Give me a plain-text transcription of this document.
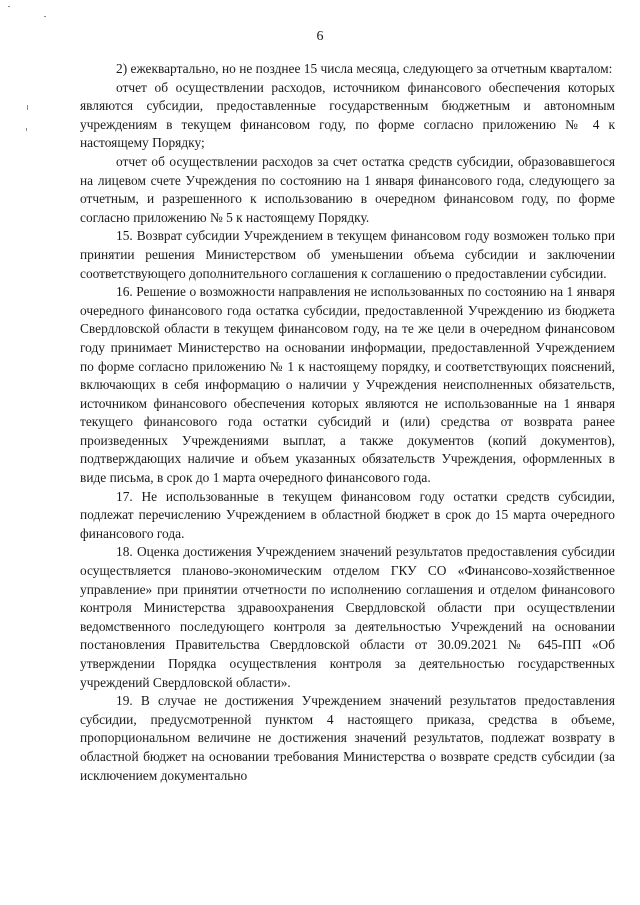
6

2) ежеквартально, но не позднее 15 числа месяца, следующего за отчетным кварталом:

отчет об осуществлении расходов, источником финансового обеспечения которых являются субсидии, предоставленные государственным бюджетным и автономным учреждениям в текущем финансовом году, по форме согласно приложению № 4 к настоящему Порядку;

отчет об осуществлении расходов за счет остатка средств субсидии, образовавшегося на лицевом счете Учреждения по состоянию на 1 января финансового года, следующего за отчетным, и разрешенного к использованию в очередном финансовом году, по форме согласно приложению № 5 к настоящему Порядку.

15. Возврат субсидии Учреждением в текущем финансовом году возможен только при принятии решения Министерством об уменьшении объема субсидии и заключении соответствующего дополнительного соглашения к соглашению о предоставлении субсидии.

16. Решение о возможности направления не использованных по состоянию на 1 января очередного финансового года остатка субсидии, предоставленной Учреждению из бюджета Свердловской области в текущем финансовом году, на те же цели в очередном финансовом году принимает Министерство на основании информации, предоставленной Учреждением по форме согласно приложению № 1 к настоящему порядку, и соответствующих пояснений, включающих в себя информацию о наличии у Учреждения неисполненных обязательств, источником финансового обеспечения которых являются не использованные на 1 января текущего финансового года остатки субсидий и (или) средства от возврата ранее произведенных Учреждениями выплат, а также документов (копий документов), подтверждающих наличие и объем указанных обязательств Учреждения, оформленных в виде письма, в срок до 1 марта очередного финансового года.

17. Не использованные в текущем финансовом году остатки средств субсидии, подлежат перечислению Учреждением в областной бюджет в срок до 15 марта очередного финансового года.

18. Оценка достижения Учреждением значений результатов предоставления субсидии осуществляется планово-экономическим отделом ГКУ СО «Финансово-хозяйственное управление» при принятии отчетности по исполнению соглашения и отделом финансового контроля Министерства здравоохранения Свердловской области при осуществлении ведомственного последующего контроля за деятельностью Учреждений на основании постановления Правительства Свердловской области от 30.09.2021 № 645-ПП «Об утверждении Порядка осуществления контроля за деятельностью государственных учреждений Свердловской области».

19. В случае не достижения Учреждением значений результатов предоставления субсидии, предусмотренной пунктом 4 настоящего приказа, средства в объеме, пропорциональном величине не достижения значений результатов, подлежат возврату в областной бюджет на основании требования Министерства о возврате средств субсидии (за исключением документально
